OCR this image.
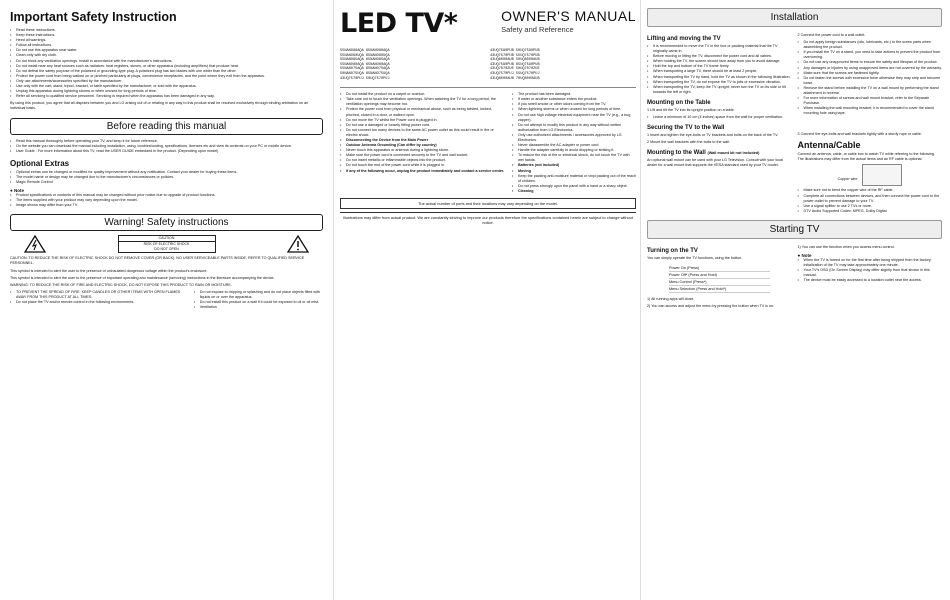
Important Safety Instruction
• Read these instructions.
• Keep these instructions.
• Heed all warnings.
• Follow all instructions.
• Do not use this apparatus near water.
• Clean only with dry cloth.
• Do not block any ventilation openings. Install in accordance with the manufacturer's instructions.
• Do not install near any heat sources such as radiators, heat registers, stoves, or other apparatus (including amplifiers) that produce heat.
• Do not defeat the safety purpose of the polarized or grounding-type plug. A polarized plug has two blades with one wider than the other.
• Protect the power cord from being walked on or pinched particularly at plugs, convenience receptacles, and the point where they exit from the apparatus.
• Only use attachments/accessories specified by the manufacturer.
• Use only with the cart, stand, tripod, bracket, or table specified by the manufacturer, or sold with the apparatus.
• Unplug this apparatus during lightning storms or when unused for long periods of time.
• Refer all servicing to qualified service personnel. Servicing is required when the apparatus has been damaged in any way.

By using this product, you agree that all disputes between you and LG arising out of or relating in any way to this product shall be resolved exclusively through binding arbitration on an individual basis.

Before reading this manual
• Read this manual thoroughly before operating your TV, and keep it for future reference.
• On the website you can download the manual including installation, using, troubleshooting, specifications, licenses etc and view its contents on your PC or mobile device.
• User Guide : For more information about this TV, read the USER GUIDE embedded in the product. (Depending upon model)
Optional Extras
• Optional extras can be changed or modified for quality improvement without any notification. Contact your dealer for buying these items.
• The model name or design may be changed due to the manufacturer's circumstances or policies.
• Magic Remote Control
● Note
• Product specifications or contents of this manual may be changed without prior notice due to upgrade of product functions.
• The items supplied with your product may vary depending upon the model.
• Image shown may differ from your TV.
Warning! Safety instructions
CAUTION
RISK OF ELECTRIC SHOCK
DO NOT OPEN

CAUTION: TO REDUCE THE RISK OF ELECTRIC SHOCK DO NOT REMOVE COVER (OR BACK). NO USER SERVICEABLE PARTS INSIDE. REFER TO QUALIFIED SERVICE PERSONNEL.

This symbol is intended to alert the user to the presence of uninsulated dangerous voltage within the product's enclosure.

This symbol is intended to alert the user to the presence of important operating and maintenance (servicing) instructions in the literature accompanying the device.

WARNING: TO REDUCE THE RISK OF FIRE AND ELECTRIC SHOCK, DO NOT EXPOSE THIS PRODUCT TO RAIN OR MOISTURE.

• TO PREVENT THE SPREAD OF FIRE, KEEP CANDLES OR OTHER ITEMS WITH OPEN FLAMES AWAY FROM THIS PRODUCT AT ALL TIMES.
• Do not place the TV and/or remote control in the following environments:
• Do not expose to dripping or splashing and do not place objects filled with liquids on or over the apparatus.
• Do not install this product on a wall if it could be exposed to oil or oil mist.
• Ventilation
LED TV*	OWNER'S MANUAL
Safety and Reference
55NANO86AQA 65NANO86AQA
55NANO90UQA 65NANO90UQA
55NANO85AQA 65NANO85AQA
55NANO80AQA 65NANO80AQA
55NANO75AQA 65NANO75AQA
50NANO75UQA 65NANO75UQA
43UQ7570PUJ 50UQ7570PUJ
43UQ7590PUB 50UQ7590PUB
43UQ7570PUB 55UQ7570PUB
43UQ8000AUB 50UQ8000AUB
43UQ7590PUB 65UQ7590PUB
43UQ7070ZUE 50UQ7070ZUE
43UQ7570PUJ 55UQ7570PUJ
43UQ8000AUB 70UQ8000AUB
• Do not install the product on a carpet or cushion.
• Take care not to touch the ventilation openings. When watching the TV for a long period, the ventilation openings may become hot.
• Protect the power cord from physical or mechanical abuse, such as being twisted, kinked, pinched, closed in a door, or walked upon.
• Do not move the TV whilst the Power cord is plugged in.
• Do not use a damaged or loosely fitting power cord.
• Do not connect too many devices to the same AC power outlet as this could result in fire or electric shock.
• Disconnecting the Device from the Main Power
• Outdoor Antenna Grounding (Can differ by country)
• Never touch this apparatus or antenna during a lightning storm.
• Make sure the power cord is connected securely to the TV and wall socket.
• Do not insert metallic or inflammable objects into the product.
• Do not touch the end of the power cord while it is plugged in.
• If any of the following occur, unplug the product immediately and contact a service center.
• The product has been damaged.
• If water or another substance enters the product.
• If you smell smoke or other odors coming from the TV.
• When lightning storms or when unused for long periods of time.
• Do not use high voltage electrical equipment near the TV (e.g., a bug zapper).
• Do not attempt to modify this product in any way without written authorization from LG Electronics.
• Only use authorized attachments / accessories approved by LG Electronics.
• Never disassemble the AC adapter or power cord.
• Handle the adapter carefully to avoid dropping or striking it.
• To reduce the risk of fire or electrical shock, do not touch the TV with wet hands.
• Batteries (not included)
• Moving
• Keep the packing anti-moisture material or vinyl packing out of the reach of children.
• Do not press strongly upon the panel with a hand or a sharp object.
• Cleaning
The actual number of ports and their locations may vary depending on the model.
Illustrations may differ from actual product. We are constantly striving to improve our products therefore the specifications contained herein are subject to change without notice.
Installation
Lifting and moving the TV
• It is recommended to move the TV in the box or packing material that the TV originally came in.
• Before moving or lifting the TV, disconnect the power cord and all cables.
• When holding the TV, the screen should face away from you to avoid damage.
• Hold the top and bottom of the TV frame firmly.
• When transporting a large TV, there should be at least 2 people.
• When transporting the TV by hand, hold the TV as shown in the following illustration.
• When transporting the TV, do not expose the TV to jolts or excessive vibration.
• When transporting the TV, keep the TV upright; never turn the TV on its side or tilt towards the left or right.
Mounting on the Table
1 Lift and tilt the TV into its upright position on a table.
• Leave a minimum of 10 cm (4 inches) space from the wall for proper ventilation.
2 Connect the power cord to a wall outlet.
• Do not apply foreign substances (oils, lubricants, etc.) to the screw parts when assembling the product.
• If you install the TV on a stand, you need to take actions to prevent the product from overturning.
• Do not use any unapproved items to ensure the safety and lifespan of the product.
• Any damages or injuries by using unapproved items are not covered by the warranty.
• Make sure that the screws are fastened tightly.
• Do not fasten the screws with excessive force otherwise they may strip and become loose.
• Remove the stand before installing the TV on a wall mount by performing the stand attachment in reverse.
• For more information of screws and wall mount bracket, refer to the Separate Purchase.
• When installing the wall mounting bracket, it is recommended to cover the stand mounting hole using tape.
Securing the TV to the Wall
1 Insert and tighten the eye-bolts or TV brackets and bolts on the back of the TV.
2 Mount the wall brackets with the bolts to the wall.
Mounting to the Wall (Wall mount kit not included)

An optional wall mount can be used with your LG Television. Consult with your local dealer for a wall mount that supports the VESA standard used by your TV model.

3 Connect the eye-bolts and wall brackets tightly with a sturdy rope or cable.
Antenna/Cable

Connect an antenna, cable, or cable box to watch TV while referring to the following. The illustrations may differ from the actual items and an RF cable is optional.

Copper wire
• Make sure not to bend the copper wire of the RF cable.
• Complete all connections between devices, and then connect the power cord to the power outlet to prevent damage to your TV.
• Use a signal splitter to use 2 TVs or more.
• DTV Audio Supported Codec: MPEG, Dolby Digital
Starting TV
Turning on the TV

You can simply operate the TV functions, using the button.

Power On (Press)
Power Off* (Press and Hold)
Menu Control (Press*)
Menu Selection (Press and Hold*)
1) All running apps will close.
2) You can access and adjust the menu by pressing the button when TV is on.
1) You can use the function when you access menu control.
● Note
• When the TV is turned on for the first time after being shipped from the factory, initialization of the TV may take approximately one minute.
• Your TV's OSD (On Screen Display) may differ slightly from that shown in this manual.
• The device must be easily accessed to a location outlet near the access.
